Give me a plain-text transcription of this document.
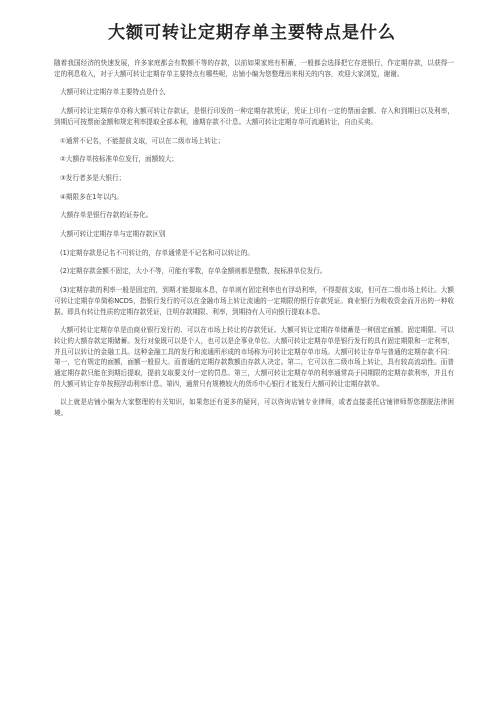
大额可转让定期存单主要特点是什么

随着我国经济的快速发展，许多家庭都会有数额不等的存款，以前如果家庭有积蓄，一般都会选择把它存进银行，作定期存款，以获得一定的利息收入，对于大额可转让定期存单主要特点有哪些呢，店铺小编为您整理出来相关的内容，欢迎大家浏览，谢谢。

大额可转让定期存单主要特点是什么

大额可转让定期存单亦称大额可转让存款证，是银行印发的一种定期存款凭证，凭证上印有一定的票面金额、存入和到期日以及利率，到期后可按票面金额和规定利率提取全部本利，逾期存款不计息。大额可转让定期存单可流通转让，自由买卖。

①通常不记名，不能提前支取，可以在二级市场上转让；

②大额存单按标准单位发行，面额较大；

③发行者多是大银行；

④期限多在1年以内。

大额存单是银行存款的证券化。

大额可转让定期存单与定期存款区别

(1)定期存款是记名不可转让的，存单通常是不记名和可以转让的。

(2)定期存款金额不固定，大小不等，可能有零数，存单金额则都是整数，按标准单位发行。

(3)定期存款的利率一般是固定的，到期才能提取本息，存单则有固定利率也有浮动利率，不得提前支取，但可在二级市场上转让。大额可转让定期存单简称NCDS，指银行发行的可以在金融市场上转让流通的一定期限的银行存款凭证。商业银行为吸收资金而开出的一种收据。即具有转让性质的定期存款凭证，注明存款期限、利率，到期持有人可向银行提取本息。

大额可转让定期存单是由商业银行发行的、可以在市场上转让的存款凭证。大额可转让定期存单储蓄是一种固定面额、固定期限、可以转让的大额存款定期储蓄。发行对象既可以是个人，也可以是企事业单位。大额可转让定期存单是银行发行的具有固定期限和一定利率，并且可以转让的金融工具。这种金融工具的发行和流通所形成的市场称为可转让定期存单市场。大额可转让存单与普通的定期存款不同：第一，它有规定的面额，面额一般很大。而普通的定期存款数额由存款人决定。第二，它可以在二级市场上转让，具有较高流动性。而普通定期存款只能在到期后提取，提前支取要支付一定的罚息。第三，大额可转让定期存单的利率通常高于同期限的定期存款利率，并且有的大额可转让存单按照浮动利率计息。第四，通常只有规模较大的货币中心银行才能发行大额可转让定期存款单。

以上就是店铺小编为大家整理的有关知识，如果您还有更多的疑问，可以咨询店铺专业律师，或者直接委托店铺律师帮您摆脱法律困境。
